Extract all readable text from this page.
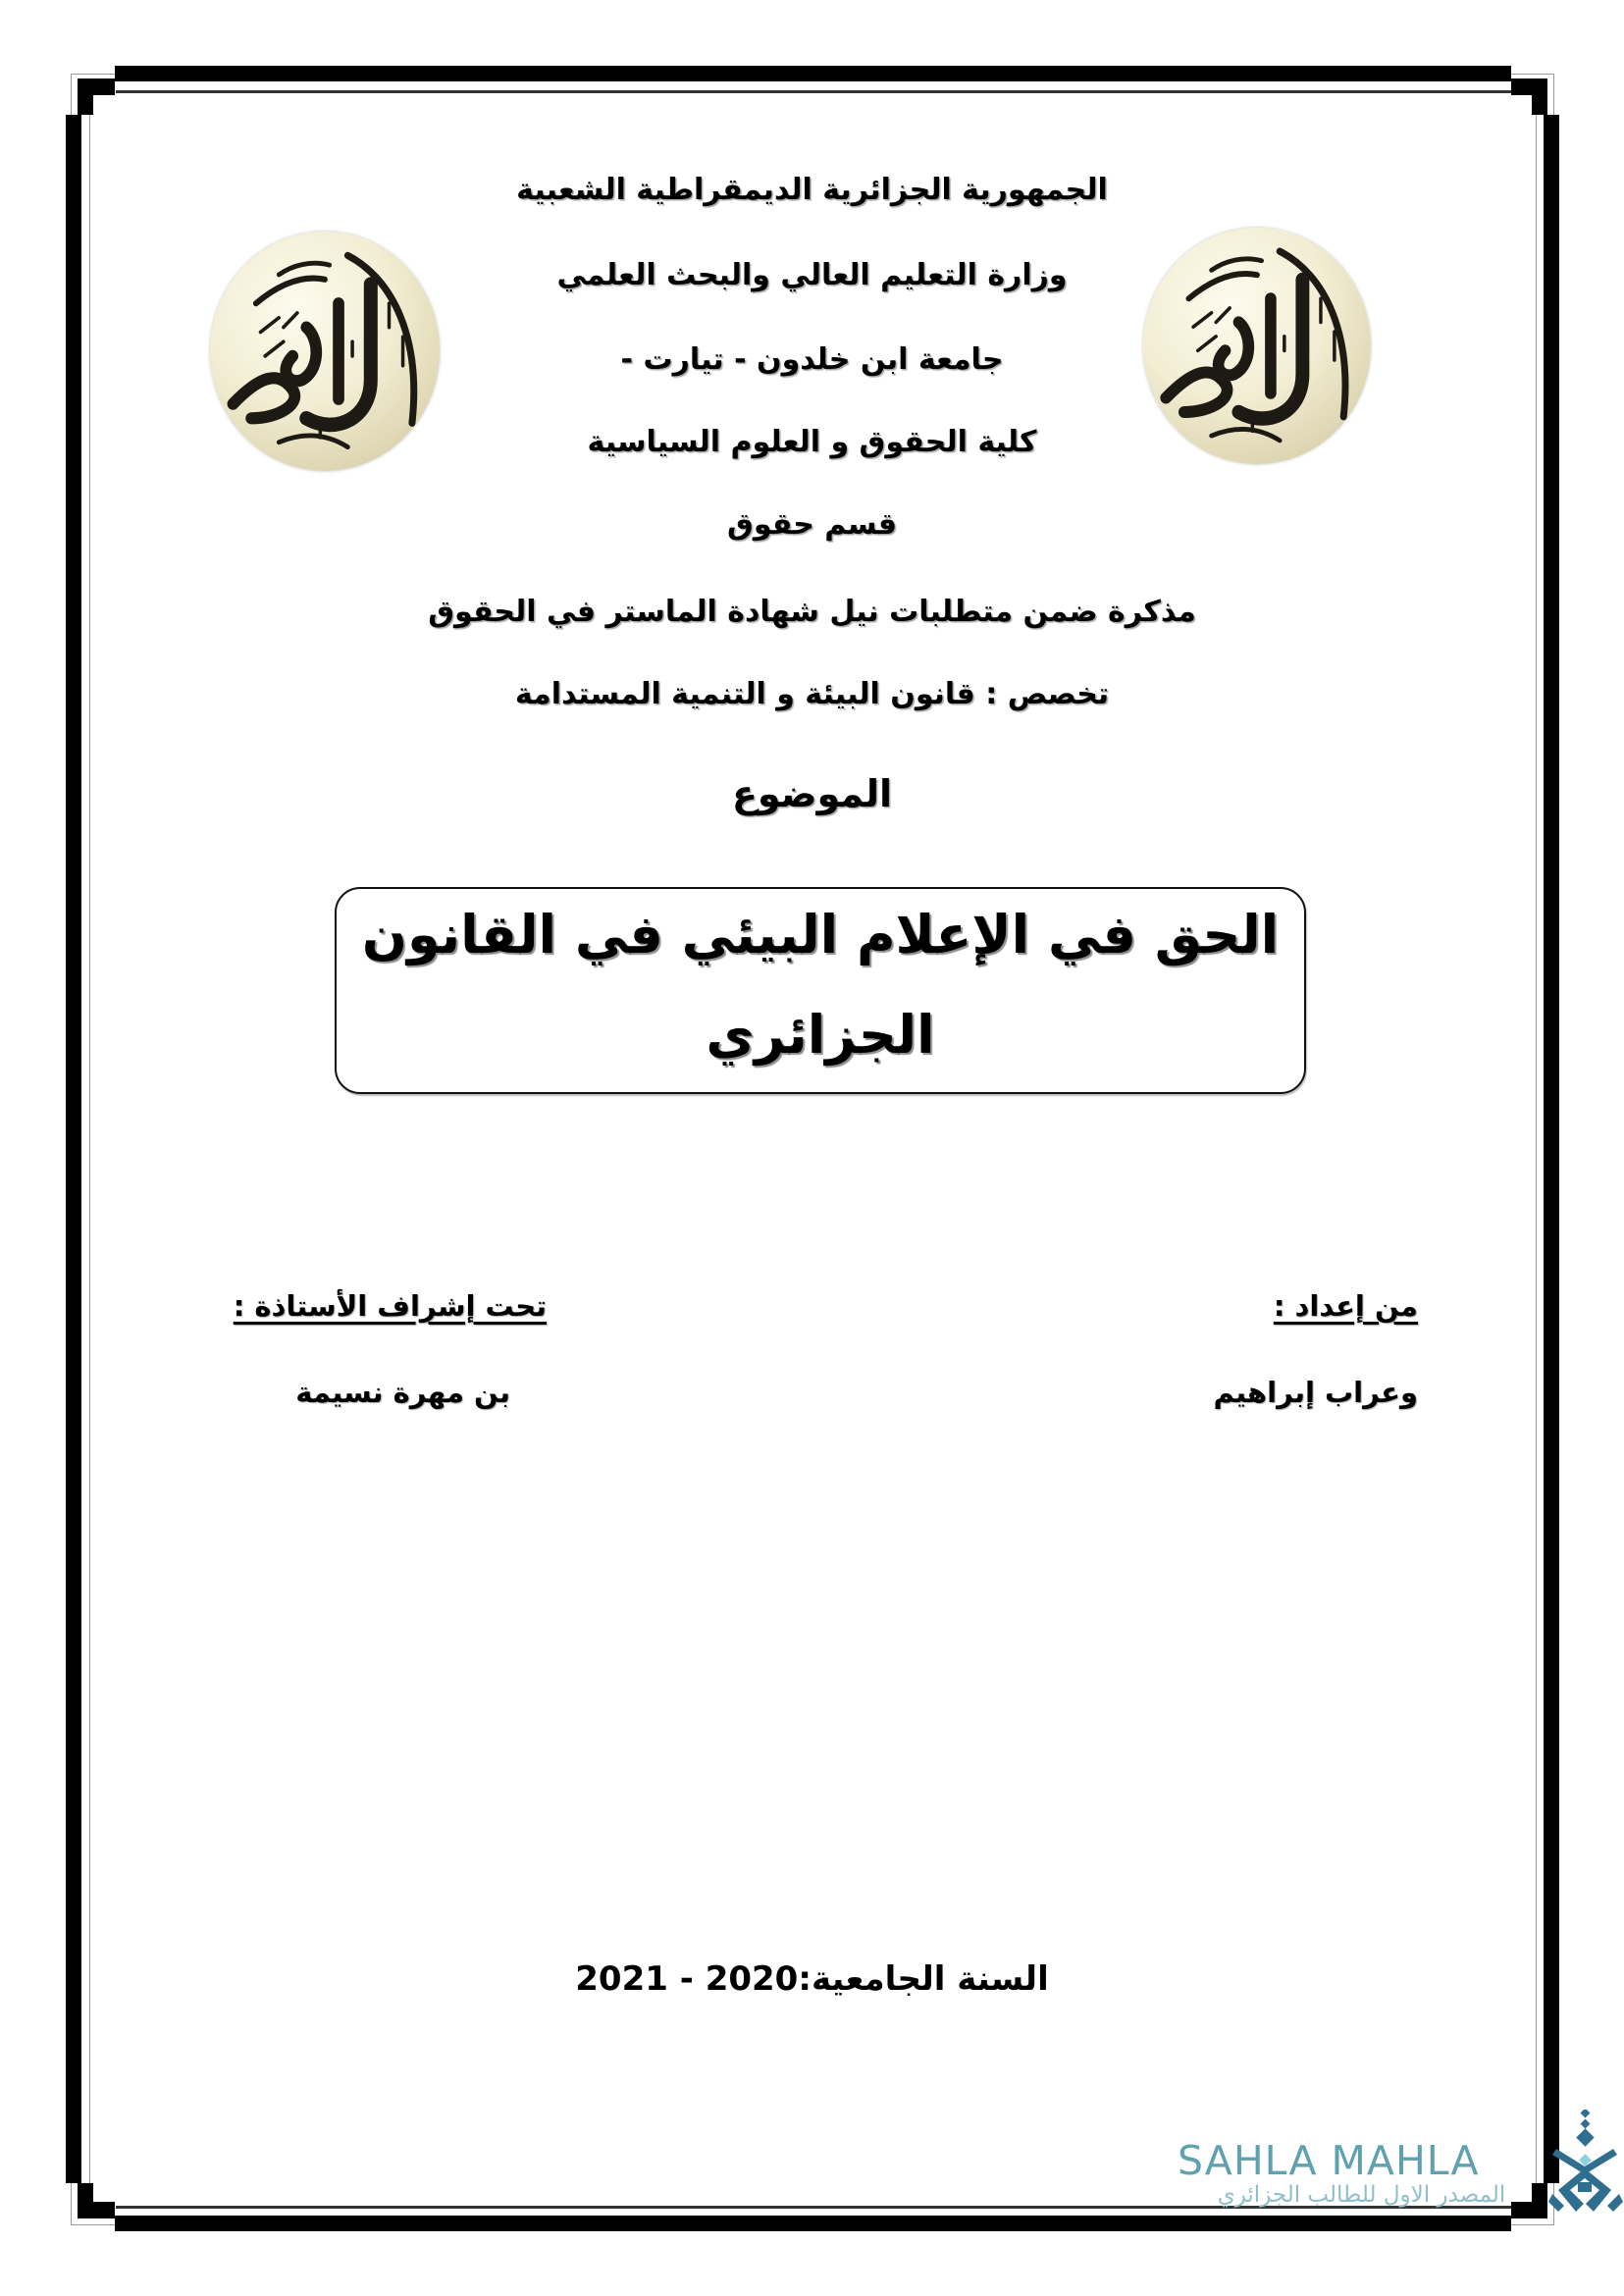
الجمهورية الجزائرية الديمقراطية الشعبية
وزارة التعليم العالي والبحث العلمي
جامعة ابن خلدون - تيارت -
كلية الحقوق و العلوم السياسية
قسم حقوق
مذكرة ضمن متطلبات نيل شهادة الماستر في الحقوق
تخصص : قانون البيئة و التنمية المستدامة
الموضوع
الحق في الإعلام البيئي في القانون
الجزائري
من إعداد :
وعراب إبراهيم
تحت إشراف الأستاذة :
بن مهرة نسيمة
السنة الجامعية:2020 - 2021
SAHLA MAHLA
المصدر الاول للطالب الجزائري
